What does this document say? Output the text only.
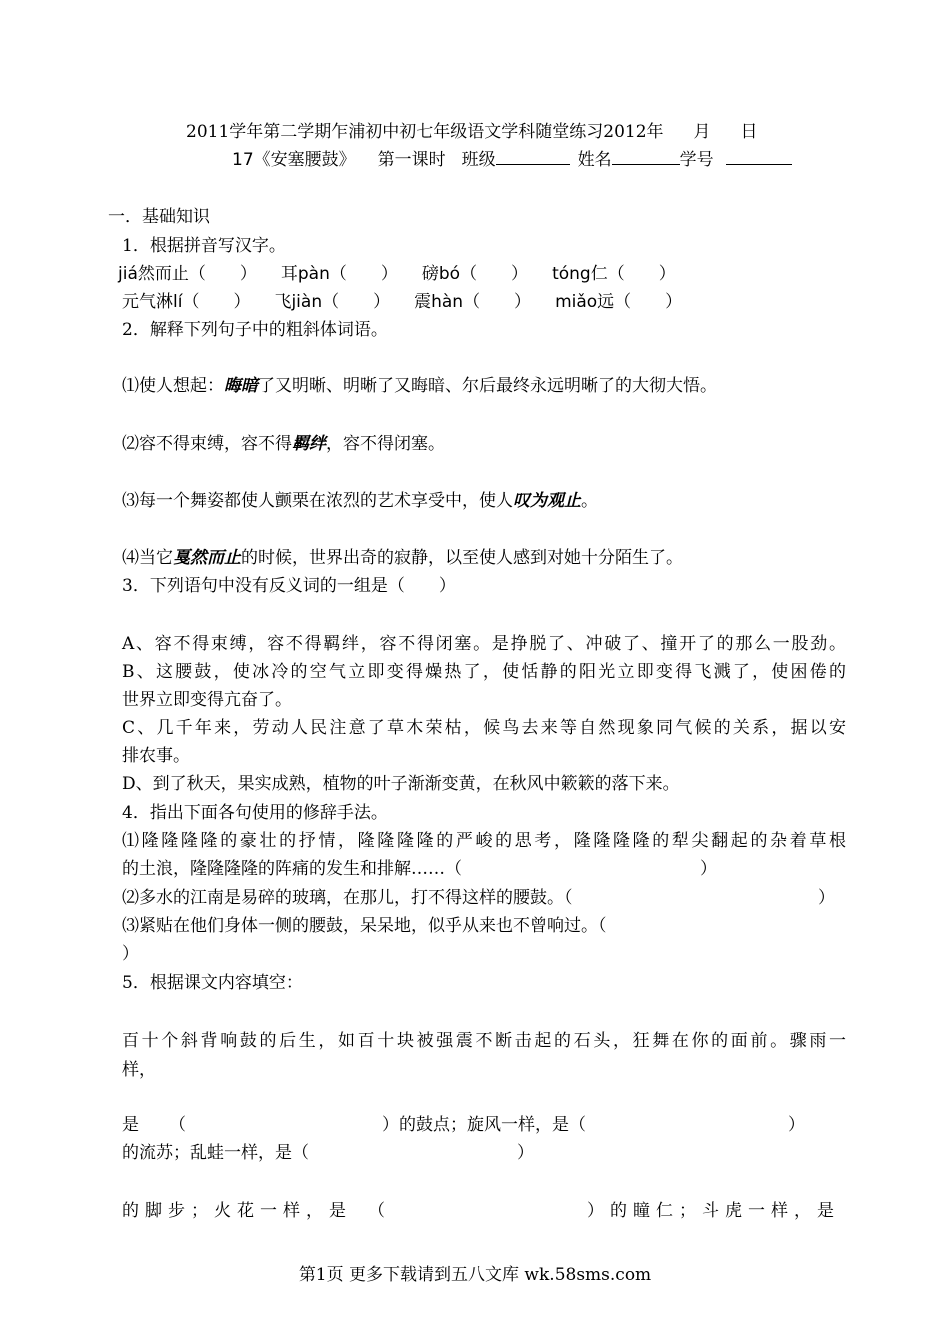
2011学年第二学期乍浦初中初七年级语文学科随堂练习2012年 月 日
17《安塞腰鼓》 第一课时 班级	姓名	学号
一．基础知识
1．根据拼音写汉字。
jiá然而止（　　） 耳pàn（　　） 磅bó（　　） tóng仁（　　）
元气淋lí（　　） 飞jiàn（　　） 震hàn（　　） miǎo远（　　）
2．解释下列句子中的粗斜体词语。
⑴使人想起：晦暗了又明晰、明晰了又晦暗、尔后最终永远明晰了的大彻大悟。
⑵容不得束缚，容不得羁绊，容不得闭塞。
⑶每一个舞姿都使人颤栗在浓烈的艺术享受中，使人叹为观止。
⑷当它戛然而止的时候，世界出奇的寂静，以至使人感到对她十分陌生了。
3．下列语句中没有反义词的一组是（　　）
A、容不得束缚，容不得羁绊，容不得闭塞。是挣脱了、冲破了、撞开了的那么一股劲。
B、这腰鼓，使冰冷的空气立即变得燥热了，使恬静的阳光立即变得飞溅了，使困倦的
世界立即变得亢奋了。
C、几千年来，劳动人民注意了草木荣枯，候鸟去来等自然现象同气候的关系，据以安
排农事。
D、到了秋天，果实成熟，植物的叶子渐渐变黄，在秋风中簌簌的落下来。
4．指出下面各句使用的修辞手法。
⑴隆隆隆隆的豪壮的抒情，隆隆隆隆的严峻的思考，隆隆隆隆的犁尖翻起的杂着草根
的土浪，隆隆隆隆的阵痛的发生和排解……（	）
⑵多水的江南是易碎的玻璃，在那儿，打不得这样的腰鼓。（	）
⑶紧贴在他们身体一侧的腰鼓，呆呆地，似乎从来也不曾响过。（
）
5．根据课文内容填空：
百十个斜背响鼓的后生，如百十块被强震不断击起的石头，狂舞在你的面前。骤雨一
样，
是 （	）的鼓点；旋风一样，是（	）
的流苏；乱蛙一样，是（	）
的脚步；火花一样，是 （	）的瞳仁；斗虎一样，是
第1页 更多下载请到五八文库 wk.58sms.com
